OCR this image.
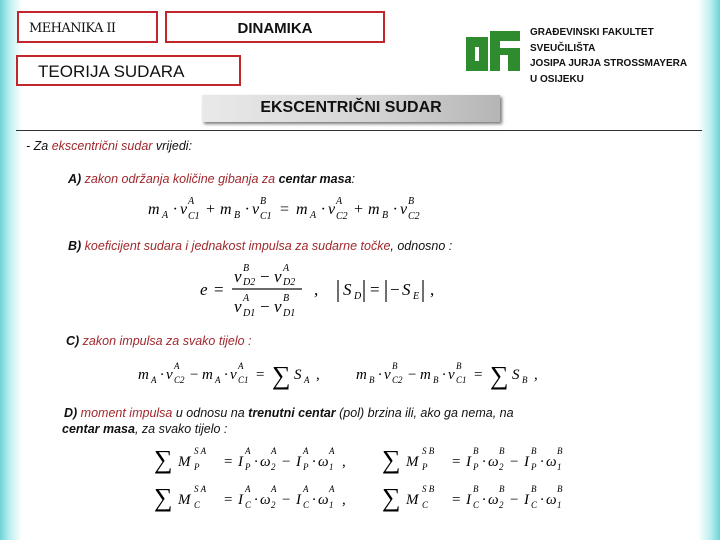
MEHANIKA II	DINAMIKA
TEORIJA SUDARA
GRAĐEVINSKI FAKULTET
SVEUČILIŠTA
JOSIPA JURJA STROSSMAYERA
U OSIJEKU
EKSCENTRIČNI SUDAR
- Za ekscentrični sudar vrijedi:
A) zakon održanja količine gibanja za centar masa:
m A · v A
C1 + m B · v B
C1 = m A · v A
C2 + m B · v B
C2
B) koeficijent sudara i jednakost impulsa za sudarne točke, odnosno :
e =
v B
D2 − v A
D2
v A
D1 − v B
D1
, S D = − S E ,
C) zakon impulsa za svako tijelo :
m A · v
A
C2 − m A · v
A
C1 = ∑ S A , m B · v
B
C2 − m B · v
B
C1 = ∑ S B ,
D) moment impulsa u odnosu na trenutni centar (pol) brzina ili, ako ga nema, na
centar masa, za svako tijelo :
∑ M
S A
P = I
A
P · ω
A
2 − I
A
P · ω
A
1 , ∑ M
S B
P = I
B
P · ω
B
2 − I
B
P · ω
B
1
∑ M
S A
C = I
A
C · ω
A
2 − I
A
C · ω
A
1 , ∑ M
S B
C = I
B
C · ω
B
2 − I
B
C · ω
B
1
